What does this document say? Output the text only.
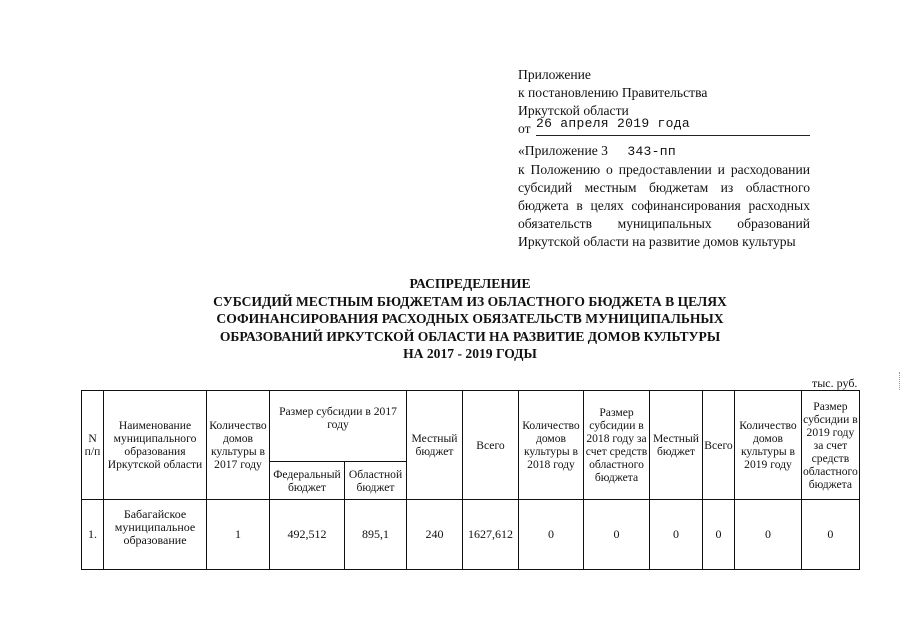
Приложение
к постановлению Правительства
Иркутской области
от 26 апреля 2019 года
«Приложение 3 343-пп
к Положению о предоставлении и расходовании субсидий местным бюджетам из областного бюджета в целях софинансирования расходных обязательств муниципальных образований Иркутской области на развитие домов культуры
РАСПРЕДЕЛЕНИЕ
СУБСИДИЙ МЕСТНЫМ БЮДЖЕТАМ ИЗ ОБЛАСТНОГО БЮДЖЕТА В ЦЕЛЯХ
СОФИНАНСИРОВАНИЯ РАСХОДНЫХ ОБЯЗАТЕЛЬСТВ МУНИЦИПАЛЬНЫХ
ОБРАЗОВАНИЙ ИРКУТСКОЙ ОБЛАСТИ НА РАЗВИТИЕ ДОМОВ КУЛЬТУРЫ
НА 2017 - 2019 ГОДЫ
тыс. руб.
N п/п	Наименование муниципального образования Иркутской области	Количество домов культуры в 2017 году	Размер субсидии в 2017 году		Местный бюджет	Всего	Количество домов культуры в 2018 году	Размер субсидии в 2018 году за счет средств областного бюджета	Местный бюджет	Всего	Количество домов культуры в 2019 году	Размер субсидии в 2019 году за счет средств областного бюджета
			Федеральный бюджет	Областной бюджет								
1.	Бабагайское муниципальное образование	1	492,512	895,1	240	1627,612	0	0	0	0	0	0
